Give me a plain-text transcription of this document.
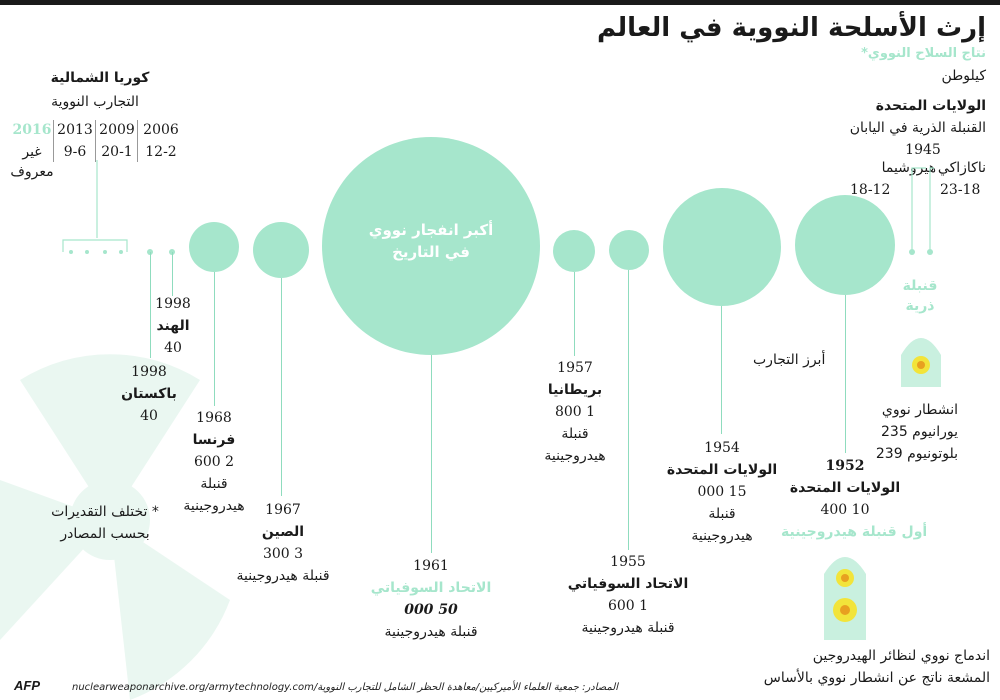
إرث الأسلحة النووية في العالم
نتاج السلاح النووي*
كيلوطن
الولايات المتحدة
القنبلة الذرية في اليابان
1945
هيروشيما
18-12
ناكازاكي
23-18
قنبلة
ذرية
انشطار نووي
يورانيوم 235
بلوتونيوم 239
أبرز التجارب
كوريا الشمالية
التجارب النووية
2006
12-2
2009
20-1
2013
9-6
2016
غير
معروف
1998
الهند
40
1998
باكستان
40	1968
فرنسا
2 600
قنبلة
هيدروجينية	1967
الصين
3 300
قنبلة هيدروجينية
أكبر انفجار نووي
في التاريخ
1961
الاتحاد السوفياتي
50 000
قنبلة هيدروجينية
1957
بريطانيا
1 800
قنبلة
هيدروجينية
1955
الاتحاد السوفياتي
1 600
قنبلة هيدروجينية
1954
الولايات المتحدة
15 000
قنبلة
هيدروجينية
1952
الولايات المتحدة
10 400
أول قنبلة هيدروجينية
اندماج نووي لنظائر الهيدروجين
المشعة ناتج عن انشطار نووي بالأساس
* تختلف التقديرات
بحسب المصادر
AFP	المصادر: جمعية العلماء الأميركيين/معاهدة الحظر الشامل للتجارب النووية/nuclearweaponarchive.org/armytechnology.com
